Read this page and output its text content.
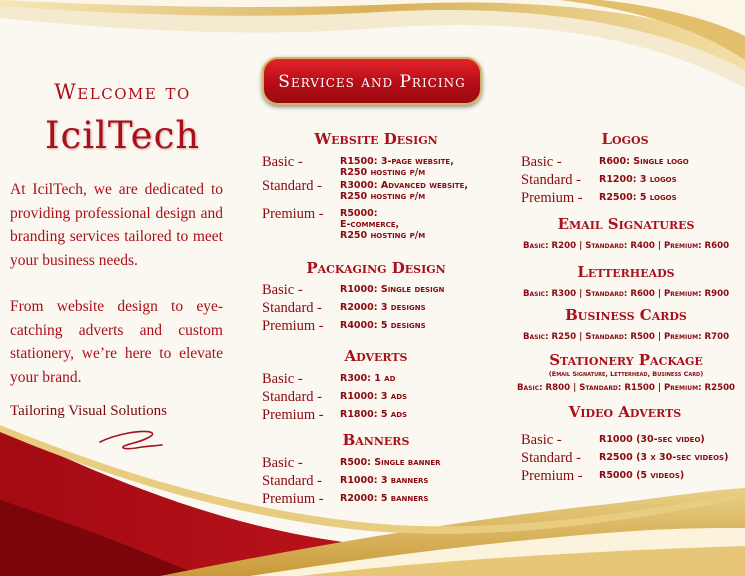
Welcome to
IcilTech
At IcilTech, we are dedicated to providing professional design and branding services tailored to meet your business needs.
From website design to eye-catching adverts and custom stationery, we’re here to elevate your brand.
Tailoring Visual Solutions
Services and Pricing
Website Design
Basic -	R1500: 3-page website,
R250 hosting p/m
Standard - R3000: Advanced website,
R250 hosting p/m
Premium - R5000:
E-commerce,
R250 hosting p/m
Packaging Design
Basic -	R1000: Single design
Standard - R2000: 3 designs
Premium - R4000: 5 designs
Adverts
Basic -	R300: 1 ad
Standard - R1000: 3 ads
Premium - R1800: 5 ads
Banners
Basic -	R500: Single banner
Standard - R1000: 3 banners
Premium - R2000: 5 banners
Logos
Basic -	R600: Single logo
Standard - R1200: 3 logos
Premium - R2500: 5 logos
Email Signatures
Basic: R200 | Standard: R400 | Premium: R600
Letterheads
Basic: R300 | Standard: R600 | Premium: R900
Business Cards
Basic: R250 | Standard: R500 | Premium: R700
Stationery Package
(Email Signature, Letterhead, Business Card)
Basic: R800 | Standard: R1500 | Premium: R2500
Video Adverts
Basic -	R1000 (30-sec video)
Standard - R2500 (3 x 30-sec videos)
Premium - R5000 (5 videos)
